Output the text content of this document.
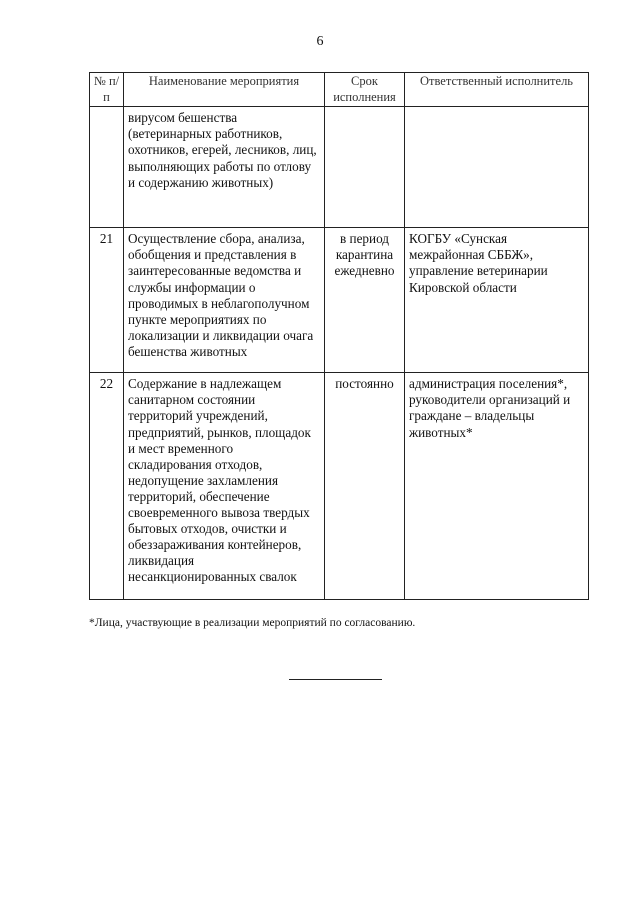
6
№ п/п	Наименование мероприятия	Срок исполнения	Ответственный исполнитель
	вирусом бешенства (ветеринарных работников, охотников, егерей, лесников, лиц, выполняющих работы по отлову и содержанию животных)		
21	Осуществление сбора, анализа, обобщения и представления в заинтересованные ведомства и службы информации о проводимых в неблагополучном пункте мероприятиях по локализации и ликвидации очага бешенства животных	в период карантина ежедневно	КОГБУ «Сунская межрайонная СББЖ», управление ветеринарии Кировской области
22	Содержание в надлежащем санитарном состоянии территорий учреждений, предприятий, рынков, площадок и мест временного складирования отходов, недопущение захламления территорий, обеспечение своевременного вывоза твердых бытовых отходов, очистки и обеззараживания контейнеров, ликвидация несанкционированных свалок	постоянно	администрация поселения*, руководители организаций и граждане – владельцы животных*
*Лица, участвующие в реализации мероприятий по согласованию.
